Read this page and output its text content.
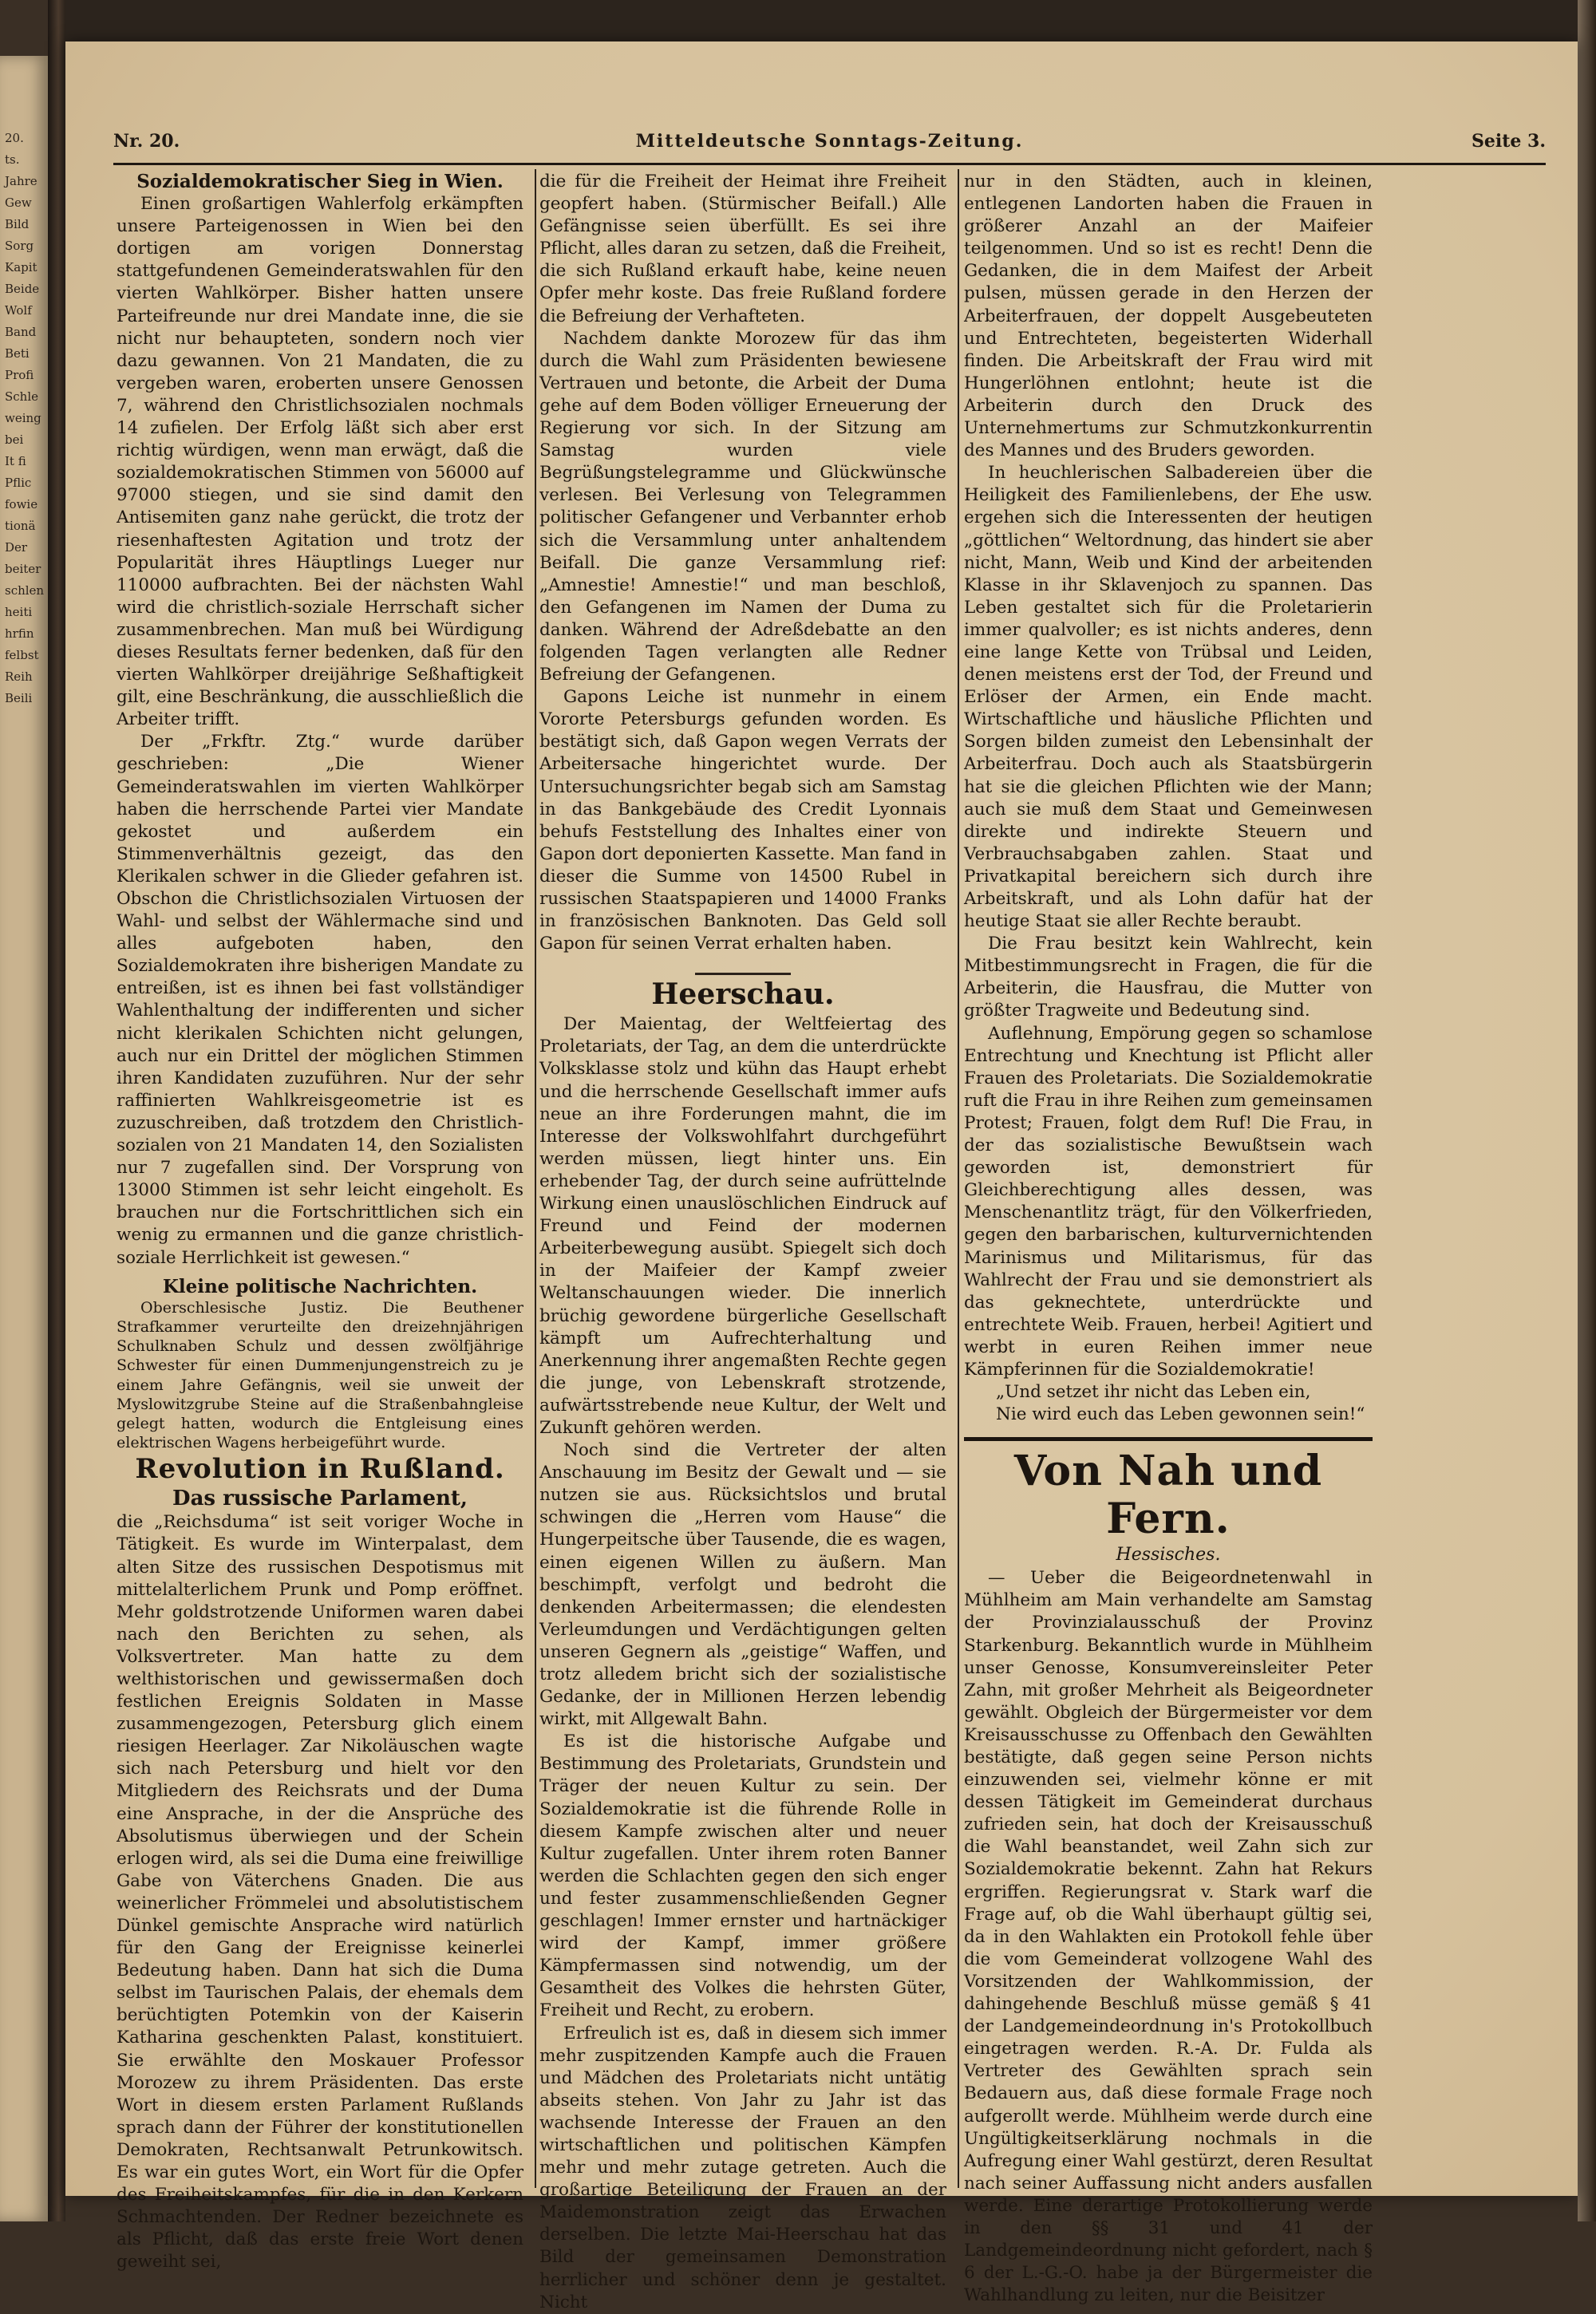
20.
ts.
Jahre
Gew
Bild
Sorg
Kapit
Beide
Wolf
Band
Beti
Profi
Schle
weing
bei
It fi
Pflic
fowie
tionä
Der
beiter
schlen
heiti
hrfin
felbst
Reih
Beili
Mitteldeutsche Sonntags-Zeitung.
Nr. 20.	Seite 3.

Sozialdemokratischer Sieg in Wien.

Einen großartigen Wahlerfolg erkämpften unsere Parteigenossen in Wien bei den dortigen am vorigen Donnerstag stattgefundenen Gemeinderatswahlen für den vierten Wahlkörper. Bisher hatten unsere Parteifreunde nur drei Mandate inne, die sie nicht nur behaupteten, sondern noch vier dazu gewannen. Von 21 Mandaten, die zu vergeben waren, eroberten unsere Genossen 7, während den Christlichsozialen nochmals 14 zufielen. Der Erfolg läßt sich aber erst richtig würdigen, wenn man erwägt, daß die sozialdemokratischen Stimmen von 56000 auf 97000 stiegen, und sie sind damit den Antisemiten ganz nahe gerückt, die trotz der riesenhaftesten Agitation und trotz der Popularität ihres Häuptlings Lueger nur 110000 aufbrachten. Bei der nächsten Wahl wird die christlich-soziale Herrschaft sicher zusammenbrechen. Man muß bei Würdigung dieses Resultats ferner bedenken, daß für den vierten Wahlkörper dreijährige Seßhaftigkeit gilt, eine Beschränkung, die ausschließlich die Arbeiter trifft.

Der „Frkftr. Ztg.“ wurde darüber geschrieben: „Die Wiener Gemeinderatswahlen im vierten Wahlkörper haben die herrschende Partei vier Mandate gekostet und außerdem ein Stimmenverhältnis gezeigt, das den Klerikalen schwer in die Glieder gefahren ist. Obschon die Christlichsozialen Virtuosen der Wahl- und selbst der Wählermache sind und alles aufgeboten haben, den Sozialdemokraten ihre bisherigen Mandate zu entreißen, ist es ihnen bei fast vollständiger Wahlenthaltung der indifferenten und sicher nicht klerikalen Schichten nicht gelungen, auch nur ein Drittel der möglichen Stimmen ihren Kandidaten zuzuführen. Nur der sehr raffinierten Wahlkreisgeometrie ist es zuzuschreiben, daß trotzdem den Christlich-sozialen von 21 Mandaten 14, den Sozialisten nur 7 zugefallen sind. Der Vorsprung von 13000 Stimmen ist sehr leicht eingeholt. Es brauchen nur die Fortschrittlichen sich ein wenig zu ermannen und die ganze christlich-soziale Herrlichkeit ist gewesen.“

Kleine politische Nachrichten.

Oberschlesische Justiz. Die Beuthener Strafkammer verurteilte den dreizehnjährigen Schulknaben Schulz und dessen zwölfjährige Schwester für einen Dummenjungenstreich zu je einem Jahre Gefängnis, weil sie unweit der Myslowitzgrube Steine auf die Straßenbahngleise gelegt hatten, wodurch die Entgleisung eines elektrischen Wagens herbeigeführt wurde.

Revolution in Rußland.

Das russische Parlament,

die „Reichsduma“ ist seit voriger Woche in Tätigkeit. Es wurde im Winterpalast, dem alten Sitze des russischen Despotismus mit mittelalterlichem Prunk und Pomp eröffnet. Mehr goldstrotzende Uniformen waren dabei nach den Berichten zu sehen, als Volksvertreter. Man hatte zu dem welthistorischen und gewissermaßen doch festlichen Ereignis Soldaten in Masse zusammengezogen, Petersburg glich einem riesigen Heerlager. Zar Nikoläuschen wagte sich nach Petersburg und hielt vor den Mitgliedern des Reichsrats und der Duma eine Ansprache, in der die Ansprüche des Absolutismus überwiegen und der Schein erlogen wird, als sei die Duma eine freiwillige Gabe von Väterchens Gnaden. Die aus weinerlicher Frömmelei und absolutistischem Dünkel gemischte Ansprache wird natürlich für den Gang der Ereignisse keinerlei Bedeutung haben. Dann hat sich die Duma selbst im Taurischen Palais, der ehemals dem berüchtigten Potemkin von der Kaiserin Katharina geschenkten Palast, konstituiert. Sie erwählte den Moskauer Professor Morozew zu ihrem Präsidenten. Das erste Wort in diesem ersten Parlament Rußlands sprach dann der Führer der konstitutionellen Demokraten, Rechtsanwalt Petrunkowitsch. Es war ein gutes Wort, ein Wort für die Opfer des Freiheitskampfes, für die in den Kerkern Schmachtenden. Der Redner bezeichnete es als Pflicht, daß das erste freie Wort denen geweiht sei,

die für die Freiheit der Heimat ihre Freiheit geopfert haben. (Stürmischer Beifall.) Alle Gefängnisse seien überfüllt. Es sei ihre Pflicht, alles daran zu setzen, daß die Freiheit, die sich Rußland erkauft habe, keine neuen Opfer mehr koste. Das freie Rußland fordere die Befreiung der Verhafteten.

Nachdem dankte Morozew für das ihm durch die Wahl zum Präsidenten bewiesene Vertrauen und betonte, die Arbeit der Duma gehe auf dem Boden völliger Erneuerung der Regierung vor sich. In der Sitzung am Samstag wurden viele Begrüßungstelegramme und Glückwünsche verlesen. Bei Verlesung von Telegrammen politischer Gefangener und Verbannter erhob sich die Versammlung unter anhaltendem Beifall. Die ganze Versammlung rief: „Amnestie! Amnestie!“ und man beschloß, den Gefangenen im Namen der Duma zu danken. Während der Adreßdebatte an den folgenden Tagen verlangten alle Redner Befreiung der Gefangenen.

Gapons Leiche ist nunmehr in einem Vororte Petersburgs gefunden worden. Es bestätigt sich, daß Gapon wegen Verrats der Arbeitersache hingerichtet wurde. Der Untersuchungsrichter begab sich am Samstag in das Bankgebäude des Credit Lyonnais behufs Feststellung des Inhaltes einer von Gapon dort deponierten Kassette. Man fand in dieser die Summe von 14500 Rubel in russischen Staatspapieren und 14000 Franks in französischen Banknoten. Das Geld soll Gapon für seinen Verrat erhalten haben.

Heerschau.

Der Maientag, der Weltfeiertag des Proletariats, der Tag, an dem die unterdrückte Volksklasse stolz und kühn das Haupt erhebt und die herrschende Gesellschaft immer aufs neue an ihre Forderungen mahnt, die im Interesse der Volkswohlfahrt durchgeführt werden müssen, liegt hinter uns. Ein erhebender Tag, der durch seine aufrüttelnde Wirkung einen unauslöschlichen Eindruck auf Freund und Feind der modernen Arbeiterbewegung ausübt. Spiegelt sich doch in der Maifeier der Kampf zweier Weltanschauungen wieder. Die innerlich brüchig gewordene bürgerliche Gesellschaft kämpft um Aufrechterhaltung und Anerkennung ihrer angemaßten Rechte gegen die junge, von Lebenskraft strotzende, aufwärtsstrebende neue Kultur, der Welt und Zukunft gehören werden.

Noch sind die Vertreter der alten Anschauung im Besitz der Gewalt und — sie nutzen sie aus. Rücksichtslos und brutal schwingen die „Herren vom Hause“ die Hungerpeitsche über Tausende, die es wagen, einen eigenen Willen zu äußern. Man beschimpft, verfolgt und bedroht die denkenden Arbeitermassen; die elendesten Verleumdungen und Verdächtigungen gelten unseren Gegnern als „geistige“ Waffen, und trotz alledem bricht sich der sozialistische Gedanke, der in Millionen Herzen lebendig wirkt, mit Allgewalt Bahn.

Es ist die historische Aufgabe und Bestimmung des Proletariats, Grundstein und Träger der neuen Kultur zu sein. Der Sozialdemokratie ist die führende Rolle in diesem Kampfe zwischen alter und neuer Kultur zugefallen. Unter ihrem roten Banner werden die Schlachten gegen den sich enger und fester zusammenschließenden Gegner geschlagen! Immer ernster und hartnäckiger wird der Kampf, immer größere Kämpfermassen sind notwendig, um der Gesamtheit des Volkes die hehrsten Güter, Freiheit und Recht, zu erobern.

Erfreulich ist es, daß in diesem sich immer mehr zuspitzenden Kampfe auch die Frauen und Mädchen des Proletariats nicht untätig abseits stehen. Von Jahr zu Jahr ist das wachsende Interesse der Frauen an den wirtschaftlichen und politischen Kämpfen mehr und mehr zutage getreten. Auch die großartige Beteiligung der Frauen an der Maidemonstration zeigt das Erwachen derselben. Die letzte Mai-Heerschau hat das Bild der gemeinsamen Demonstration herrlicher und schöner denn je gestaltet. Nicht

nur in den Städten, auch in kleinen, entlegenen Landorten haben die Frauen in größerer Anzahl an der Maifeier teilgenommen. Und so ist es recht! Denn die Gedanken, die in dem Maifest der Arbeit pulsen, müssen gerade in den Herzen der Arbeiterfrauen, der doppelt Ausgebeuteten und Entrechteten, begeisterten Widerhall finden. Die Arbeitskraft der Frau wird mit Hungerlöhnen entlohnt; heute ist die Arbeiterin durch den Druck des Unternehmertums zur Schmutzkonkurrentin des Mannes und des Bruders geworden.

In heuchlerischen Salbadereien über die Heiligkeit des Familienlebens, der Ehe usw. ergehen sich die Interessenten der heutigen „göttlichen“ Weltordnung, das hindert sie aber nicht, Mann, Weib und Kind der arbeitenden Klasse in ihr Sklavenjoch zu spannen. Das Leben gestaltet sich für die Proletarierin immer qualvoller; es ist nichts anderes, denn eine lange Kette von Trübsal und Leiden, denen meistens erst der Tod, der Freund und Erlöser der Armen, ein Ende macht. Wirtschaftliche und häusliche Pflichten und Sorgen bilden zumeist den Lebensinhalt der Arbeiterfrau. Doch auch als Staatsbürgerin hat sie die gleichen Pflichten wie der Mann; auch sie muß dem Staat und Gemeinwesen direkte und indirekte Steuern und Verbrauchsabgaben zahlen. Staat und Privatkapital bereichern sich durch ihre Arbeitskraft, und als Lohn dafür hat der heutige Staat sie aller Rechte beraubt.

Die Frau besitzt kein Wahlrecht, kein Mitbestimmungsrecht in Fragen, die für die Arbeiterin, die Hausfrau, die Mutter von größter Tragweite und Bedeutung sind.

Auflehnung, Empörung gegen so schamlose Entrechtung und Knechtung ist Pflicht aller Frauen des Proletariats. Die Sozialdemokratie ruft die Frau in ihre Reihen zum gemeinsamen Protest; Frauen, folgt dem Ruf! Die Frau, in der das sozialistische Bewußtsein wach geworden ist, demonstriert für Gleichberechtigung alles dessen, was Menschenantlitz trägt, für den Völkerfrieden, gegen den barbarischen, kulturvernichtenden Marinismus und Militarismus, für das Wahlrecht der Frau und sie demonstriert als das geknechtete, unterdrückte und entrechtete Weib. Frauen, herbei! Agitiert und werbt in euren Reihen immer neue Kämpferinnen für die Sozialdemokratie!

„Und setzet ihr nicht das Leben ein,

Nie wird euch das Leben gewonnen sein!“

Von Nah und Fern.

Hessisches.

— Ueber die Beigeordnetenwahl in Mühlheim am Main verhandelte am Samstag der Provinzialausschuß der Provinz Starkenburg. Bekanntlich wurde in Mühlheim unser Genosse, Konsumvereinsleiter Peter Zahn, mit großer Mehrheit als Beigeordneter gewählt. Obgleich der Bürgermeister vor dem Kreisausschusse zu Offenbach den Gewählten bestätigte, daß gegen seine Person nichts einzuwenden sei, vielmehr könne er mit dessen Tätigkeit im Gemeinderat durchaus zufrieden sein, hat doch der Kreisausschuß die Wahl beanstandet, weil Zahn sich zur Sozialdemokratie bekennt. Zahn hat Rekurs ergriffen. Regierungsrat v. Stark warf die Frage auf, ob die Wahl überhaupt gültig sei, da in den Wahlakten ein Protokoll fehle über die vom Gemeinderat vollzogene Wahl des Vorsitzenden der Wahlkommission, der dahingehende Beschluß müsse gemäß § 41 der Landgemeindeordnung in's Protokollbuch eingetragen werden. R.-A. Dr. Fulda als Vertreter des Gewählten sprach sein Bedauern aus, daß diese formale Frage noch aufgerollt werde. Mühlheim werde durch eine Ungültigkeitserklärung nochmals in die Aufregung einer Wahl gestürzt, deren Resultat nach seiner Auffassung nicht anders ausfallen werde. Eine derartige Protokollierung werde in den §§ 31 und 41 der Landgemeindeordnung nicht gefordert, nach § 6 der L.-G.-O. habe ja der Bürgermeister die Wahlhandlung zu leiten, nur die Beisitzer
